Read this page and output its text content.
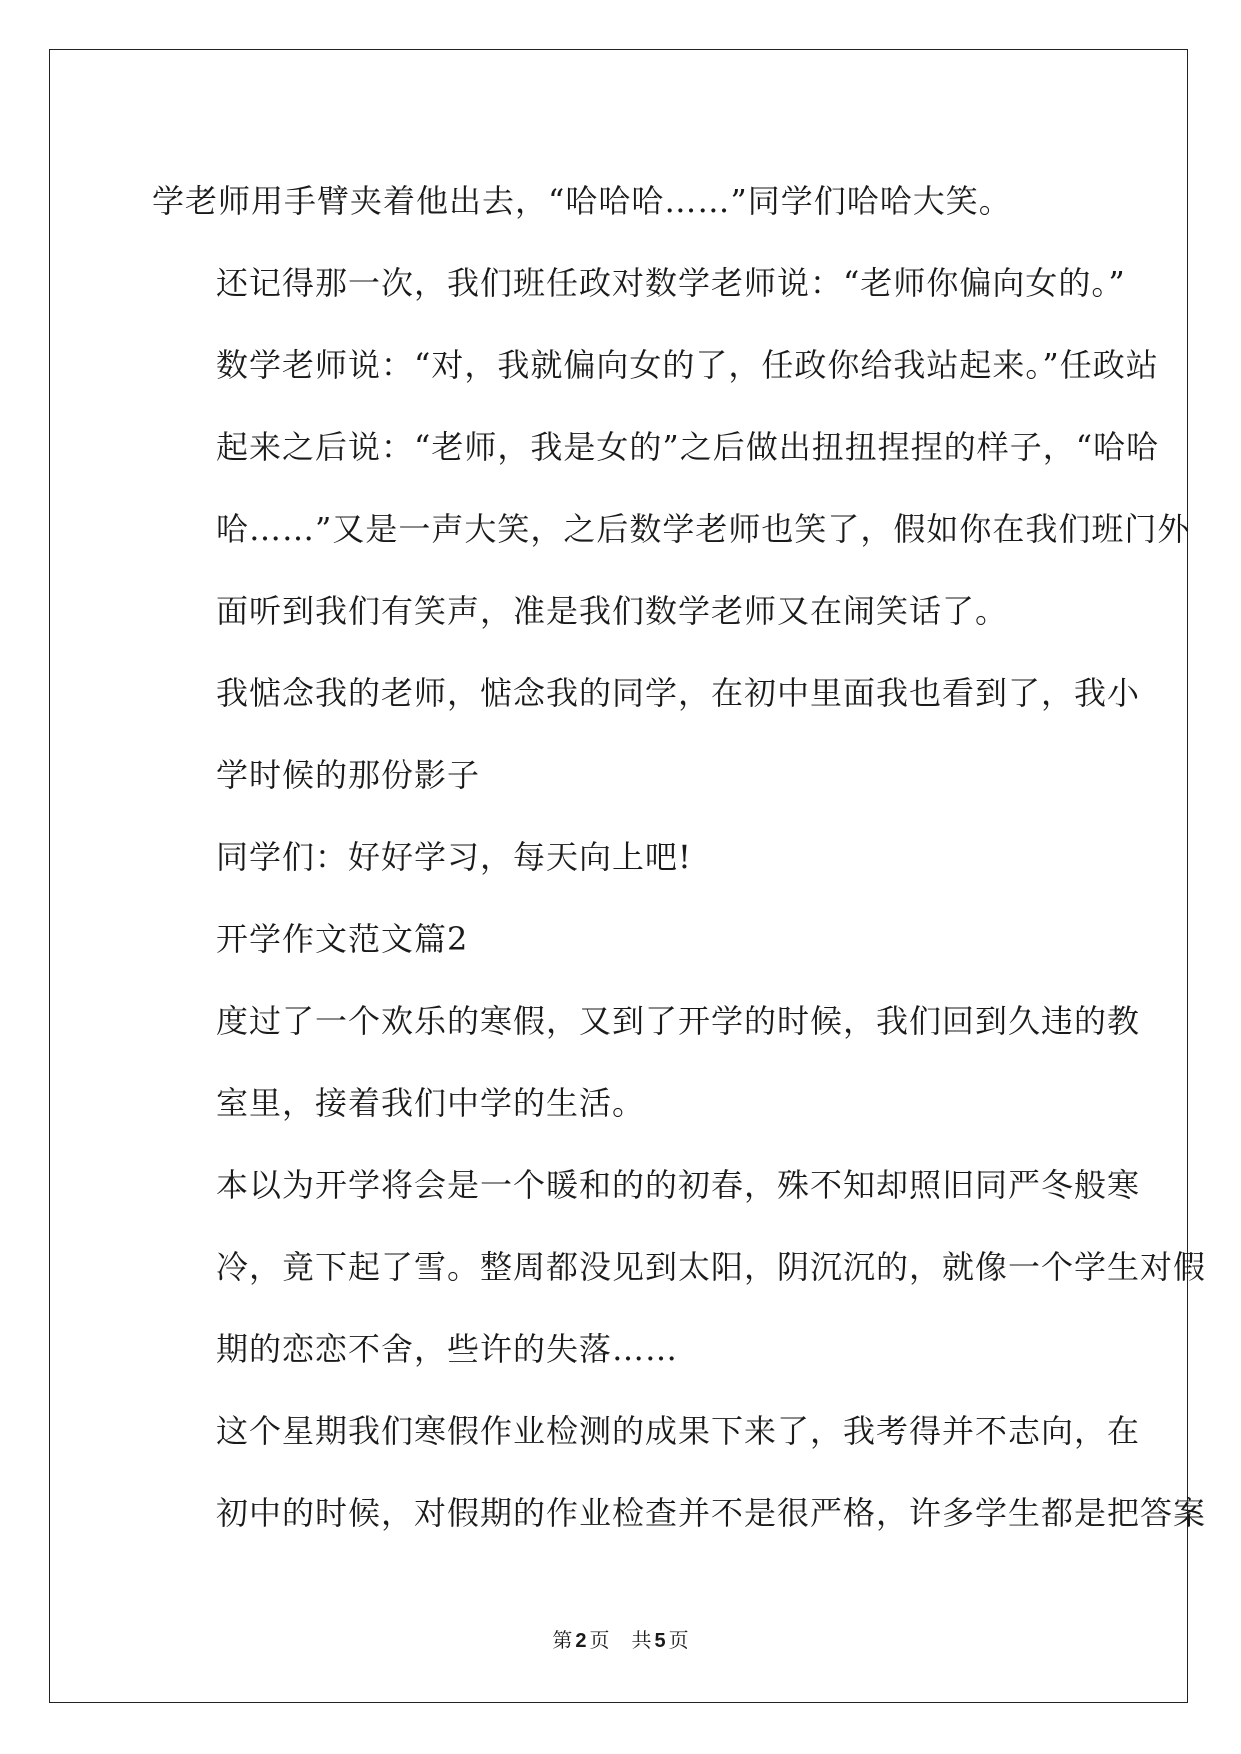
学老师用手臂夹着他出去，“哈哈哈……”同学们哈哈大笑。

还记得那一次，我们班任政对数学老师说：“老师你偏向女的。”
数学老师说：“对，我就偏向女的了，任政你给我站起来。”任政站
起来之后说：“老师，我是女的”之后做出扭扭捏捏的样子，“哈哈
哈……”又是一声大笑，之后数学老师也笑了，假如你在我们班门外
面听到我们有笑声，准是我们数学老师又在闹笑话了。

我惦念我的老师，惦念我的同学，在初中里面我也看到了，我小
学时候的那份影子

同学们：好好学习，每天向上吧!

开学作文范文篇2

度过了一个欢乐的寒假，又到了开学的时候，我们回到久违的教
室里，接着我们中学的生活。

本以为开学将会是一个暖和的的初春，殊不知却照旧同严冬般寒
冷，竟下起了雪。整周都没见到太阳，阴沉沉的，就像一个学生对假
期的恋恋不舍，些许的失落……

这个星期我们寒假作业检测的成果下来了，我考得并不志向，在
初中的时候，对假期的作业检查并不是很严格，许多学生都是把答案

第 2 页 共 5 页
